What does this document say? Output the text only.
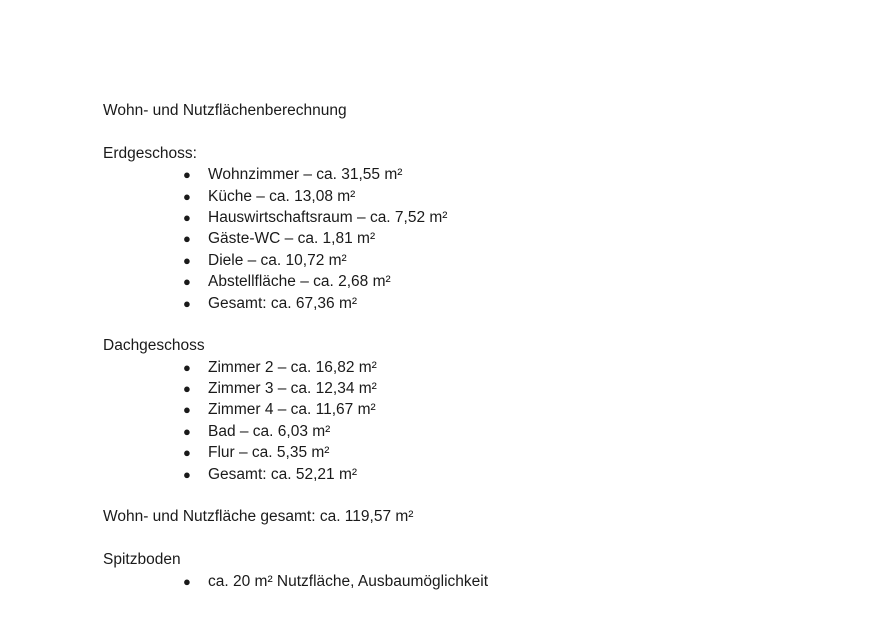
Wohn- und Nutzflächenberechnung
Erdgeschoss:
● Wohnzimmer – ca. 31,55 m²
● Küche – ca. 13,08 m²
● Hauswirtschaftsraum – ca. 7,52 m²
● Gäste-WC – ca. 1,81 m²
● Diele – ca. 10,72 m²
● Abstellfläche – ca. 2,68 m²
● Gesamt: ca. 67,36 m²
Dachgeschoss
● Zimmer 2 – ca. 16,82 m²
● Zimmer 3 – ca. 12,34 m²
● Zimmer 4 – ca. 11,67 m²
● Bad – ca. 6,03 m²
● Flur – ca. 5,35 m²
● Gesamt: ca. 52,21 m²
Wohn- und Nutzfläche gesamt: ca. 119,57 m²
Spitzboden
● ca. 20 m² Nutzfläche, Ausbaumöglichkeit
